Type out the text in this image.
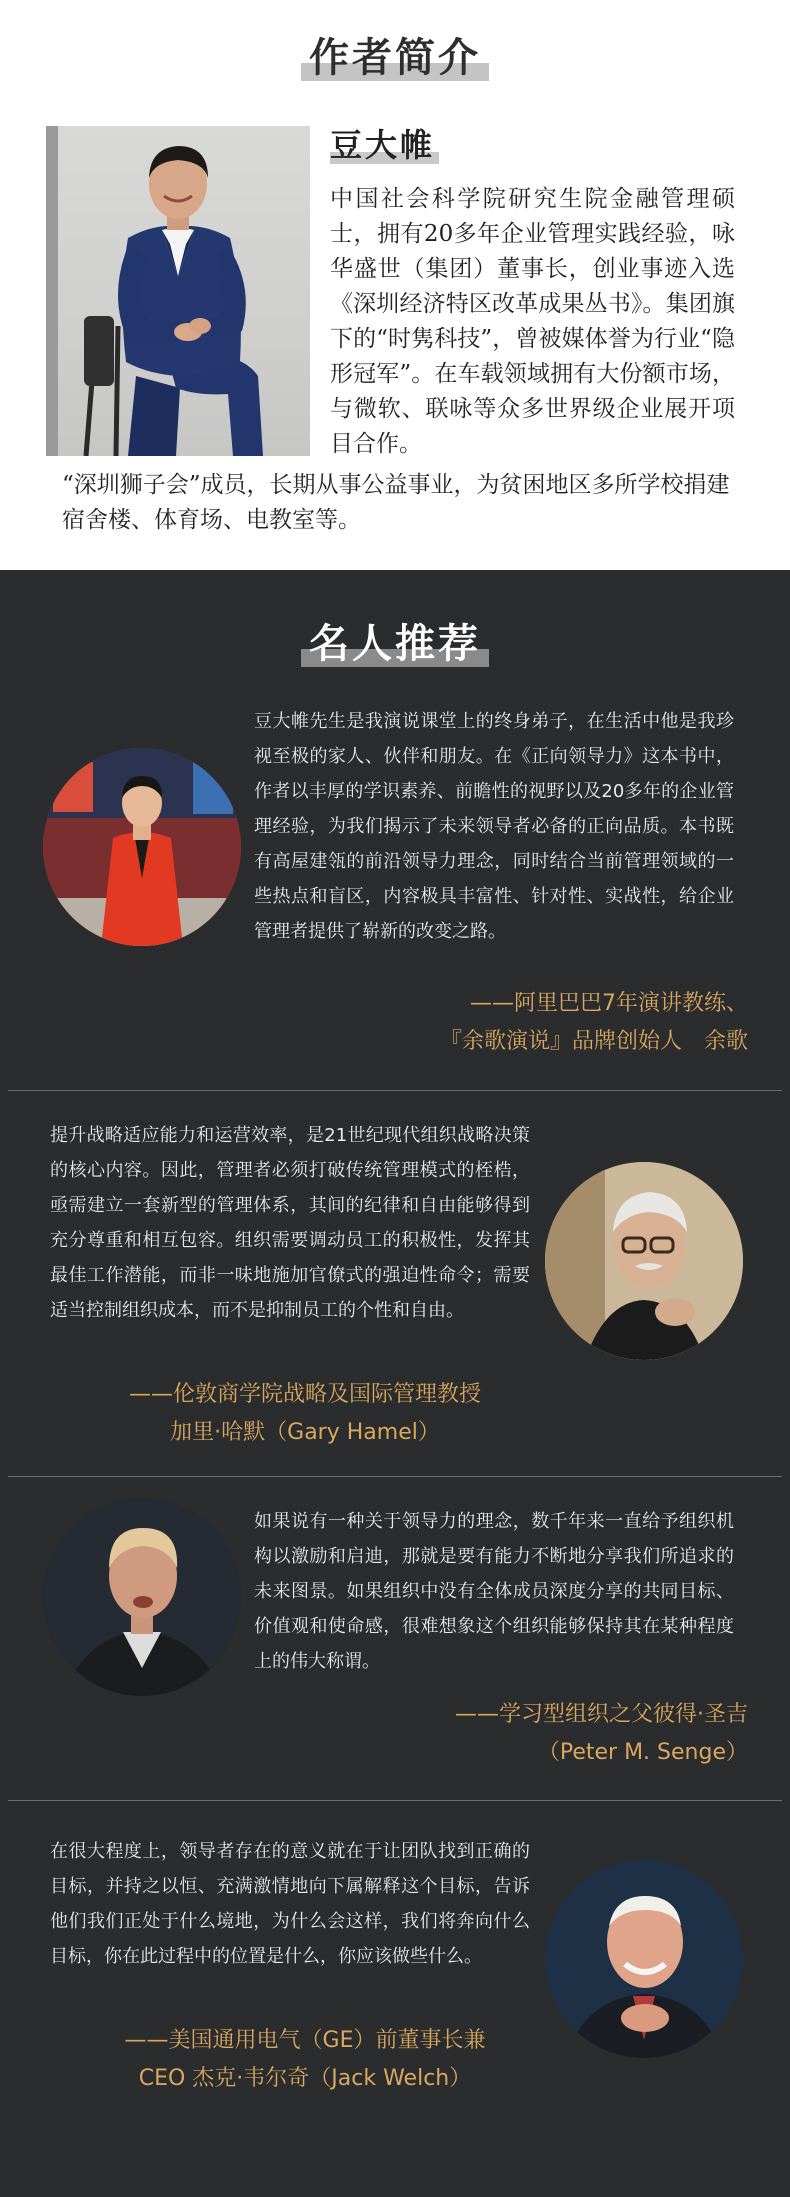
作者简介
豆大帷

中国社会科学院研究生院金融管理硕士，拥有20多年企业管理实践经验，咏华盛世（集团）董事长，创业事迹入选《深圳经济特区改革成果丛书》。集团旗下的“时隽科技”，曾被媒体誉为行业“隐形冠军”。在车载领域拥有大份额市场，与微软、联咏等众多世界级企业展开项目合作。

“深圳狮子会”成员，长期从事公益事业，为贫困地区多所学校捐建宿舍楼、体育场、电教室等。

名人推荐

豆大帷先生是我演说课堂上的终身弟子，在生活中他是我珍视至极的家人、伙伴和朋友。在《正向领导力》这本书中，作者以丰厚的学识素养、前瞻性的视野以及20多年的企业管理经验，为我们揭示了未来领导者必备的正向品质。本书既有高屋建瓴的前沿领导力理念，同时结合当前管理领域的一些热点和盲区，内容极具丰富性、针对性、实战性，给企业管理者提供了崭新的改变之路。

——阿里巴巴7年演讲教练、
『余歌演说』品牌创始人　余歌

提升战略适应能力和运营效率，是21世纪现代组织战略决策的核心内容。因此，管理者必须打破传统管理模式的桎梏，亟需建立一套新型的管理体系，其间的纪律和自由能够得到充分尊重和相互包容。组织需要调动员工的积极性，发挥其最佳工作潜能，而非一味地施加官僚式的强迫性命令；需要适当控制组织成本，而不是抑制员工的个性和自由。

——伦敦商学院战略及国际管理教授
加里·哈默（Gary Hamel）

如果说有一种关于领导力的理念，数千年来一直给予组织机构以激励和启迪，那就是要有能力不断地分享我们所追求的未来图景。如果组织中没有全体成员深度分享的共同目标、价值观和使命感，很难想象这个组织能够保持其在某种程度上的伟大称谓。

——学习型组织之父彼得·圣吉
（Peter M. Senge）

在很大程度上，领导者存在的意义就在于让团队找到正确的目标，并持之以恒、充满激情地向下属解释这个目标，告诉他们我们正处于什么境地，为什么会这样，我们将奔向什么目标，你在此过程中的位置是什么，你应该做些什么。

——美国通用电气（GE）前董事长兼
CEO 杰克·韦尔奇（Jack Welch）
